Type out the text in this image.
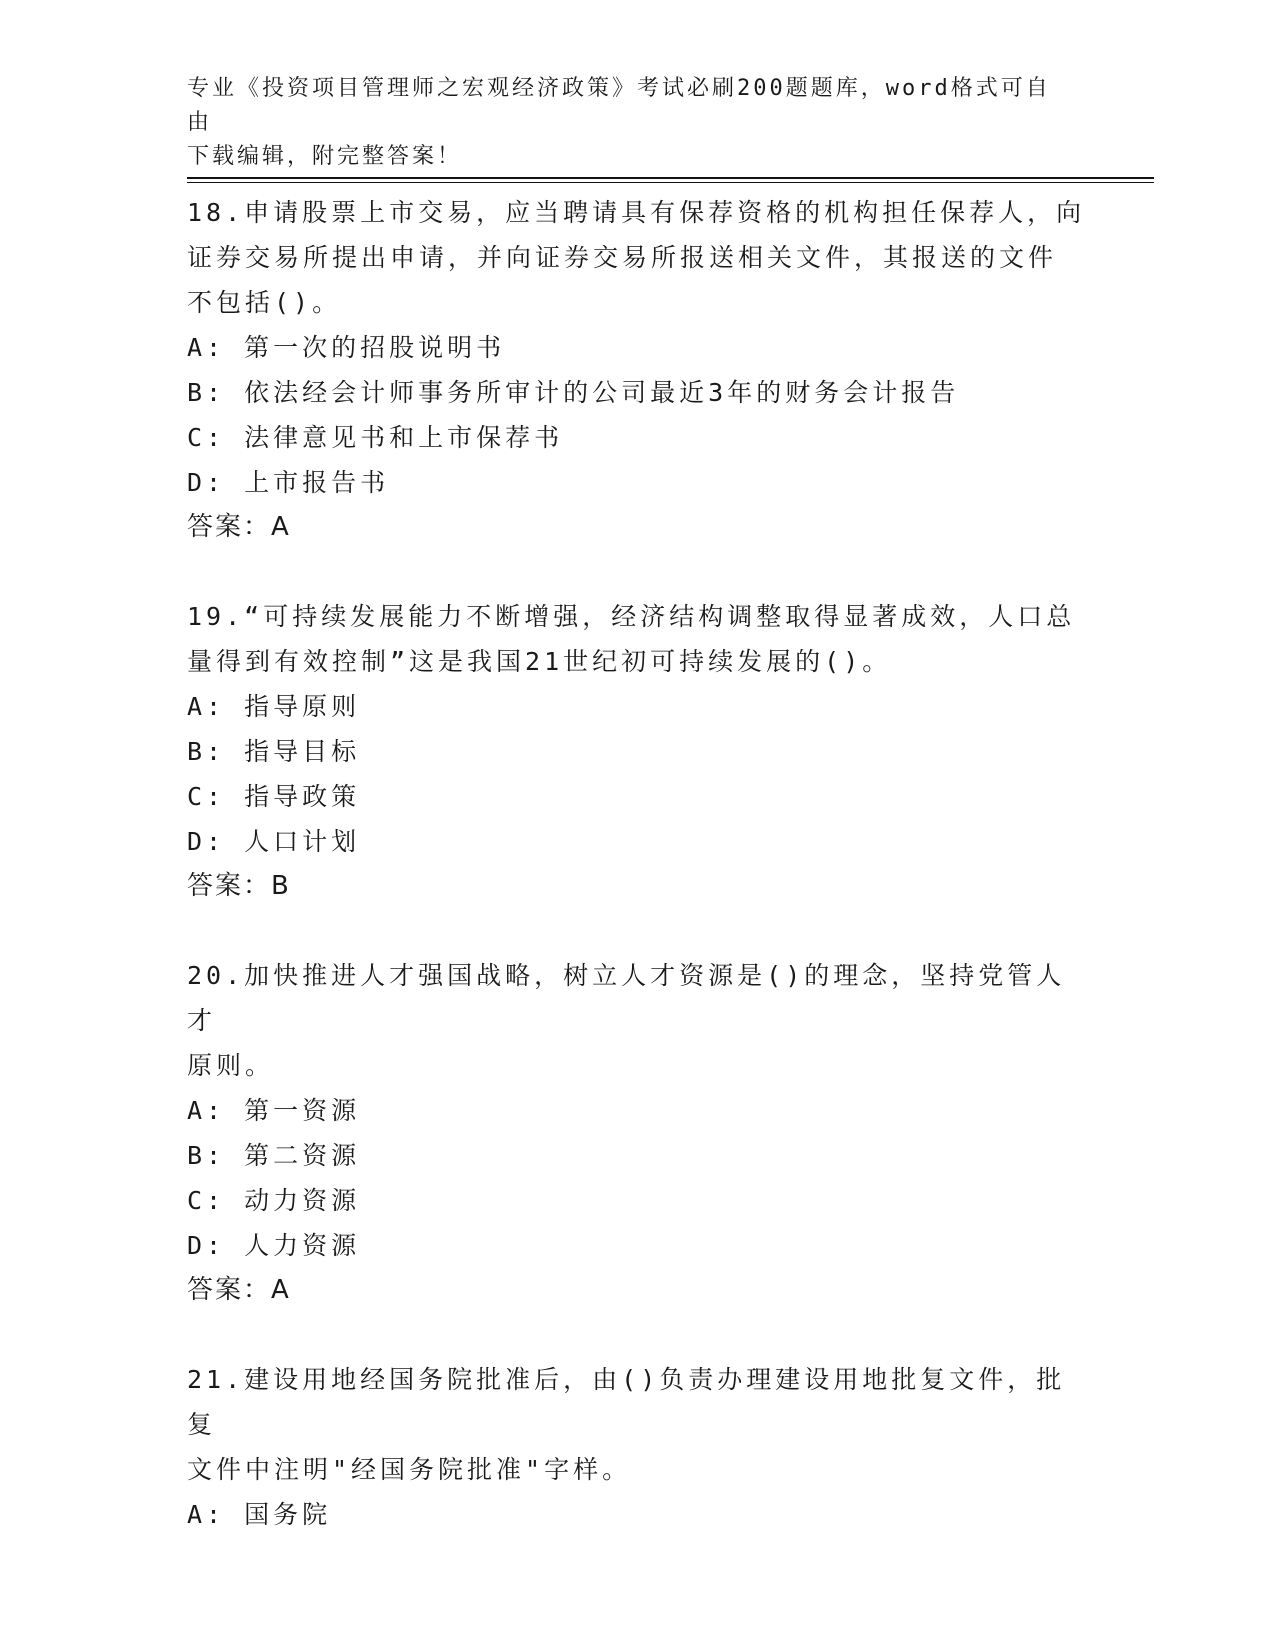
专业《投资项目管理师之宏观经济政策》考试必刷200题题库，word格式可自由
下载编辑，附完整答案！

18.申请股票上市交易，应当聘请具有保荐资格的机构担任保荐人，向

证券交易所提出申请，并向证券交易所报送相关文件，其报送的文件

不包括()。

A: 第一次的招股说明书

B: 依法经会计师事务所审计的公司最近3年的财务会计报告

C: 法律意见书和上市保荐书

D: 上市报告书

答案：A

19.“可持续发展能力不断增强，经济结构调整取得显著成效，人口总

量得到有效控制”这是我国21世纪初可持续发展的()。

A: 指导原则

B: 指导目标

C: 指导政策

D: 人口计划

答案：B

20.加快推进人才强国战略，树立人才资源是()的理念，坚持党管人才

原则。

A: 第一资源

B: 第二资源

C: 动力资源

D: 人力资源

答案：A

21.建设用地经国务院批准后，由()负责办理建设用地批复文件，批复

文件中注明"经国务院批准"字样。

A: 国务院
